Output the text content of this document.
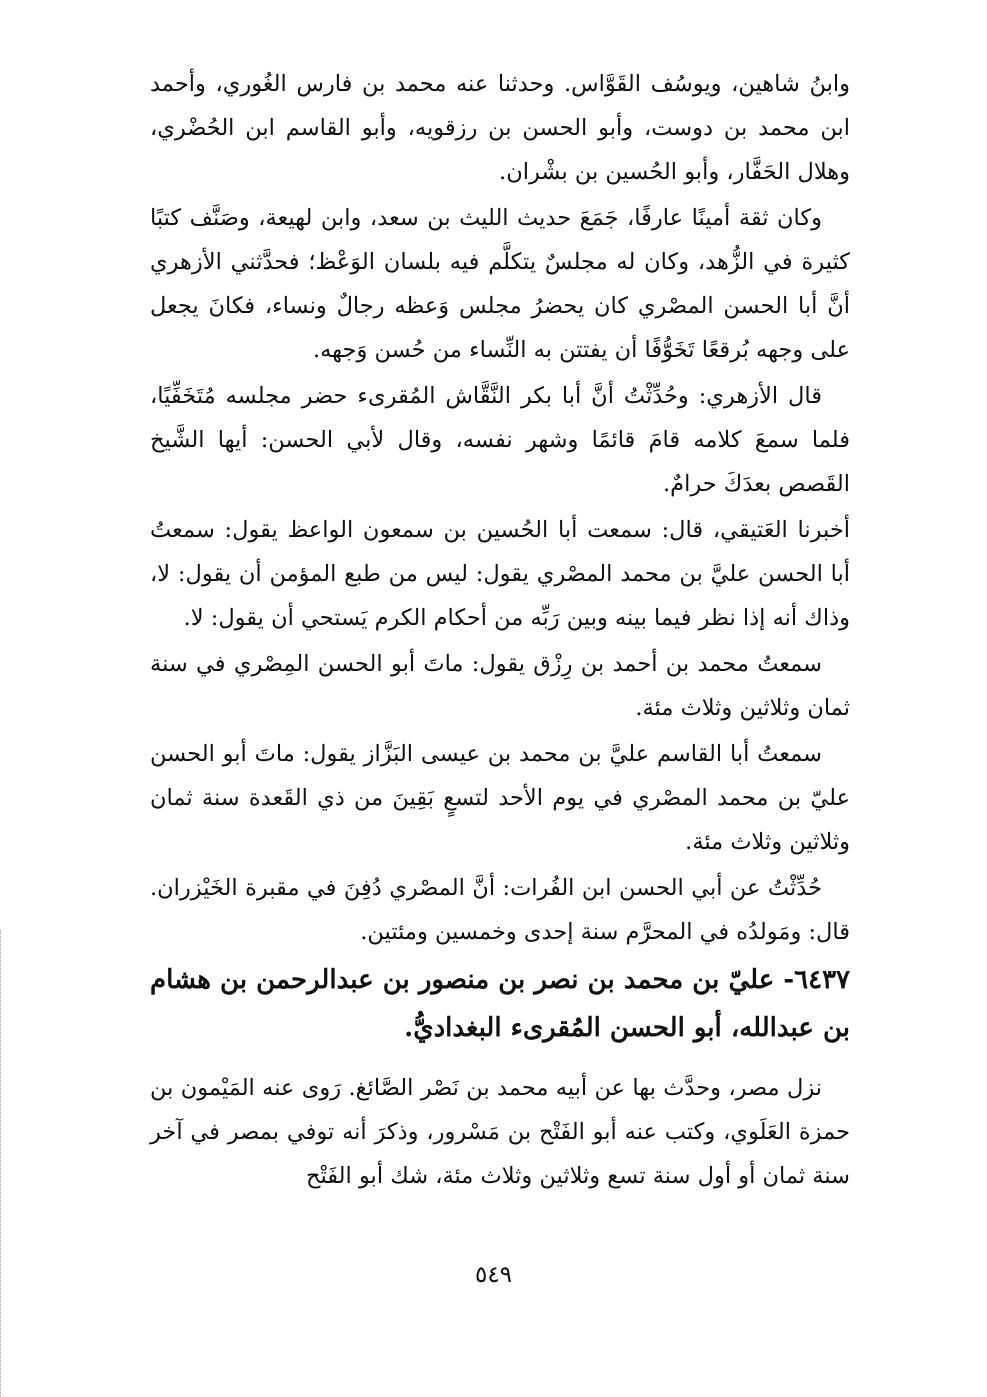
وابنُ شاهين، ويوسُف القَوَّاس. وحدثنا عنه محمد بن فارس الغُوري، وأحمد ابن محمد بن دوست، وأبو الحسن بن رزقويه، وأبو القاسم ابن الحُضْري، وهلال الحَفَّار، وأبو الحُسين بن بشْران.

وكان ثقة أمينًا عارفًا، جَمَعَ حديث الليث بن سعد، وابن لهيعة، وصَنَّف كتبًا كثيرة في الزُّهد، وكان له مجلسٌ يتكلَّم فيه بلسان الوَعْظ؛ فحدَّثني الأزهري أنَّ أبا الحسن المصْري كان يحضرُ مجلس وَعظه رجالٌ ونساء، فكانَ يجعل على وجهه بُرقعًا تَخَوُّفًا أن يفتتن به النِّساء من حُسن وَجهه.

قال الأزهري: وحُدِّثْتُ أنَّ أبا بكر النَّقَّاش المُقرىء حضر مجلسه مُتَخَفِّيًا، فلما سمعَ كلامه قامَ قائمًا وشهر نفسه، وقال لأبي الحسن: أيها الشَّيخ القَصص بعدَكَ حرامٌ.

أخبرنا العَتيقي، قال: سمعت أبا الحُسين بن سمعون الواعظ يقول: سمعتُ أبا الحسن عليَّ بن محمد المصْري يقول: ليس من طبع المؤمن أن يقول: لا، وذاك أنه إذا نظر فيما بينه وبين رَبِّه من أحكام الكرم يَستحي أن يقول: لا.

سمعتُ محمد بن أحمد بن رِزْق يقول: ماتَ أبو الحسن المِصْري في سنة ثمان وثلاثين وثلاث مئة.

سمعتُ أبا القاسم عليَّ بن محمد بن عيسى البَزَّاز يقول: ماتَ أبو الحسن عليّ بن محمد المصْري في يوم الأحد لتسعٍ بَقِينَ من ذي القَعدة سنة ثمان وثلاثين وثلاث مئة.

حُدِّثْتُ عن أبي الحسن ابن الفُرات: أنَّ المصْري دُفِنَ في مقبرة الخَيْزران. قال: ومَولدُه في المحرَّم سنة إحدى وخمسين ومئتين.

٦٤٣٧- عليّ بن محمد بن نصر بن منصور بن عبدالرحمن بن هشام بن عبدالله، أبو الحسن المُقرىء البغداديُّ.

نزل مصر، وحدَّث بها عن أبيه محمد بن نَصْر الصَّائغ. رَوى عنه المَيْمون بن حمزة العَلَوي، وكتب عنه أبو الفَتْح بن مَسْرور، وذكرَ أنه توفي بمصر في آخر سنة ثمان أو أول سنة تسع وثلاثين وثلاث مئة، شك أبو الفَتْح

٥٤٩
